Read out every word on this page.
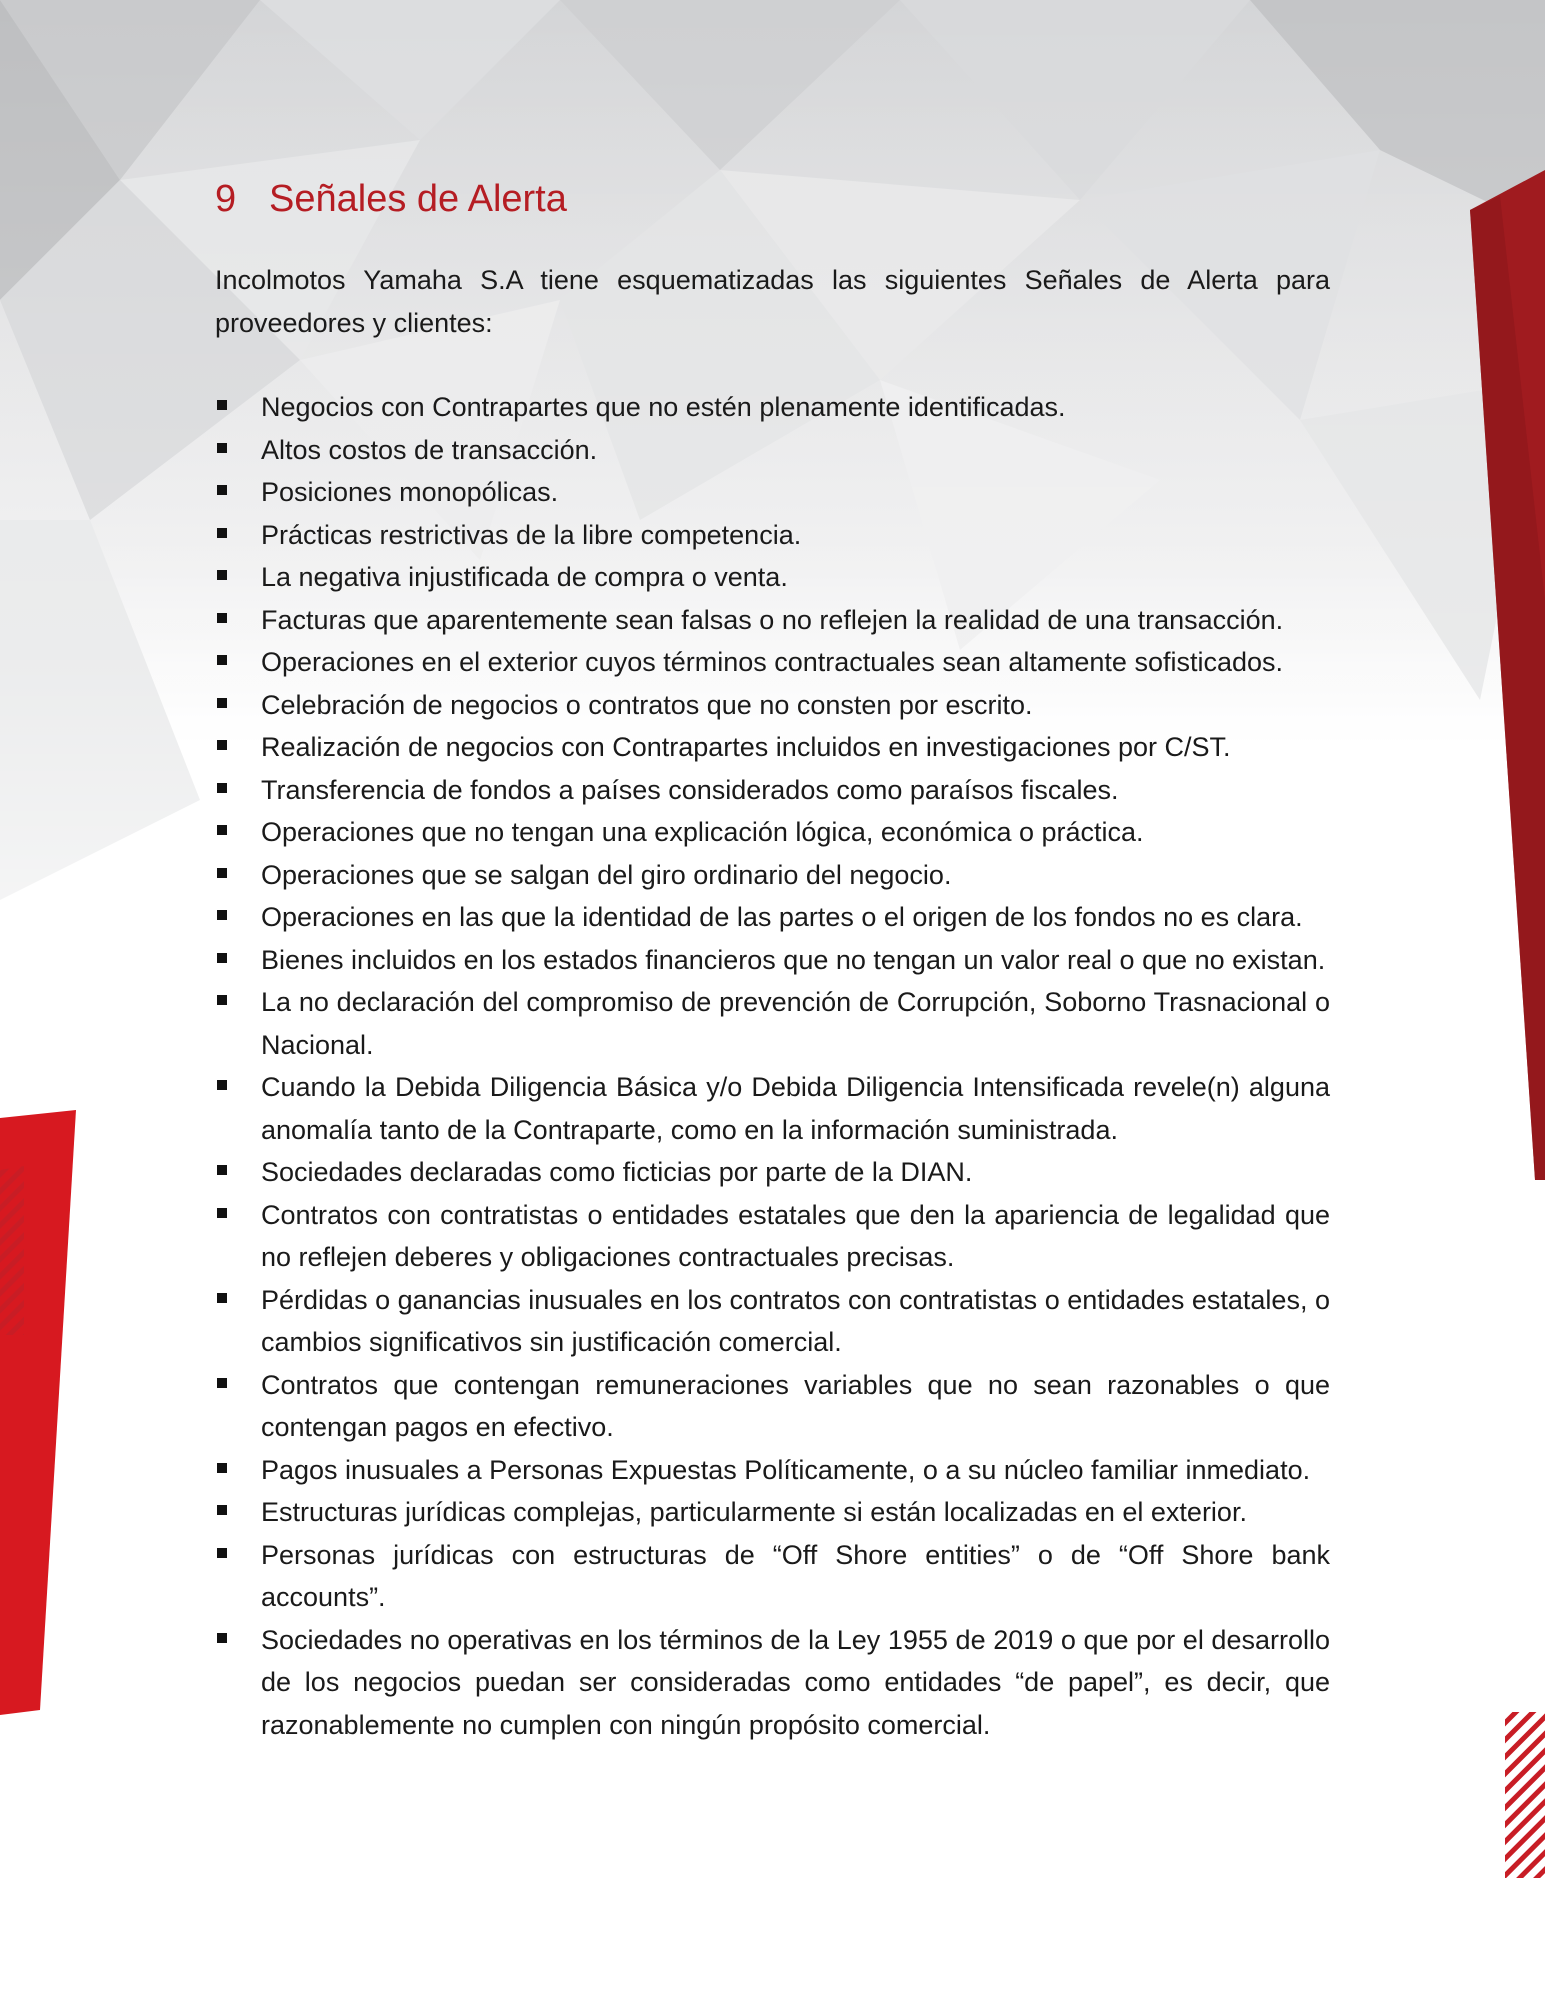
9 Señales de Alerta

Incolmotos Yamaha S.A tiene esquematizadas las siguientes Señales de Alerta para proveedores y clientes:

Negocios con Contrapartes que no estén plenamente identificadas.
Altos costos de transacción.
Posiciones monopólicas.
Prácticas restrictivas de la libre competencia.
La negativa injustificada de compra o venta.
Facturas que aparentemente sean falsas o no reflejen la realidad de una transacción.
Operaciones en el exterior cuyos términos contractuales sean altamente sofisticados.
Celebración de negocios o contratos que no consten por escrito.
Realización de negocios con Contrapartes incluidos en investigaciones por C/ST.
Transferencia de fondos a países considerados como paraísos fiscales.
Operaciones que no tengan una explicación lógica, económica o práctica.
Operaciones que se salgan del giro ordinario del negocio.
Operaciones en las que la identidad de las partes o el origen de los fondos no es clara.
Bienes incluidos en los estados financieros que no tengan un valor real o que no existan.
La no declaración del compromiso de prevención de Corrupción, Soborno Trasnacional o Nacional.
Cuando la Debida Diligencia Básica y/o Debida Diligencia Intensificada revele(n) alguna anomalía tanto de la Contraparte, como en la información suministrada.
Sociedades declaradas como ficticias por parte de la DIAN.
Contratos con contratistas o entidades estatales que den la apariencia de legalidad que no reflejen deberes y obligaciones contractuales precisas.
Pérdidas o ganancias inusuales en los contratos con contratistas o entidades estatales, o cambios significativos sin justificación comercial.
Contratos que contengan remuneraciones variables que no sean razonables o que contengan pagos en efectivo.
Pagos inusuales a Personas Expuestas Políticamente, o a su núcleo familiar inmediato.
Estructuras jurídicas complejas, particularmente si están localizadas en el exterior.
Personas jurídicas con estructuras de “Off Shore entities” o de “Off Shore bank accounts”.
Sociedades no operativas en los términos de la Ley 1955 de 2019 o que por el desarrollo de los negocios puedan ser consideradas como entidades “de papel”, es decir, que razonablemente no cumplen con ningún propósito comercial.
